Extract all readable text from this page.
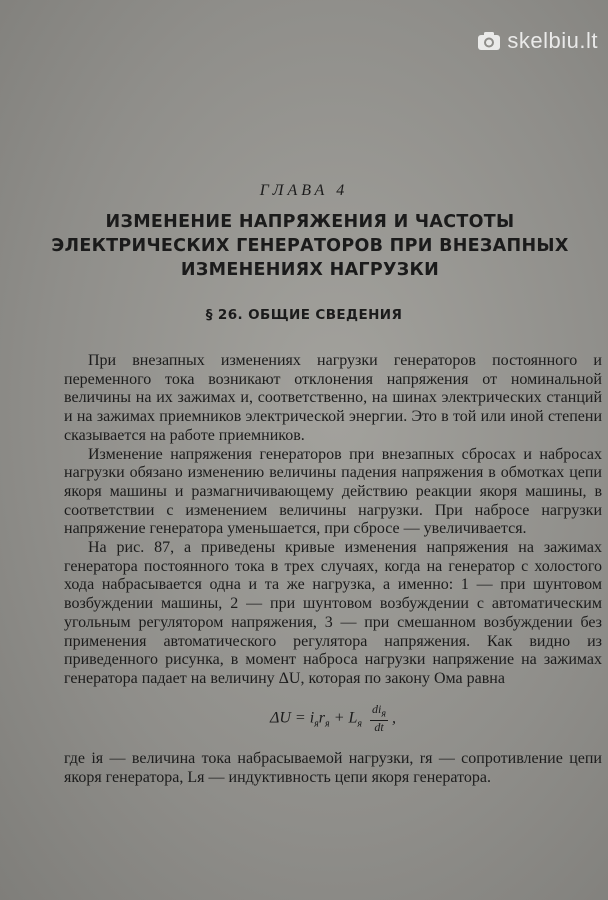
skelbiu.lt
ГЛАВА 4
ИЗМЕНЕНИЕ НАПРЯЖЕНИЯ И ЧАСТОТЫ
ЭЛЕКТРИЧЕСКИХ ГЕНЕРАТОРОВ ПРИ ВНЕЗАПНЫХ
ИЗМЕНЕНИЯХ НАГРУЗКИ
§ 26. ОБЩИЕ СВЕДЕНИЯ

При внезапных изменениях нагрузки генераторов постоянного и переменного тока возникают отклонения напряжения от номинальной величины на их зажимах и, соответственно, на шинах электрических станций и на зажимах приемников электрической энергии. Это в той или иной степени сказывается на работе приемников.

Изменение напряжения генераторов при внезапных сбросах и набросах нагрузки обязано изменению величины падения напряжения в обмотках цепи якоря машины и размагничивающему действию реакции якоря машины, в соответствии с изменением величины нагрузки. При набросе нагрузки напряжение генератора уменьшается, при сбросе — увеличивается.

На рис. 87, а приведены кривые изменения напряжения на зажимах генератора постоянного тока в трех случаях, когда на генератор с холостого хода набрасывается одна и та же нагрузка, а именно: 1 — при шунтовом возбуждении машины, 2 — при шунтовом возбуждении с автоматическим угольным регулятором напряжения, 3 — при смешанном возбуждении без применения автоматического регулятора напряжения. Как видно из приведенного рисунка, в момент наброса нагрузки напряжение на зажимах генератора падает на величину ΔU, которая по закону Ома равна

$\Delta U = i_яr_я + L_я \frac{di_я}{dt}$ ,

где iя — величина тока набрасываемой нагрузки, rя — сопротивление цепи якоря генератора, Lя — индуктивность цепи якоря генератора.
